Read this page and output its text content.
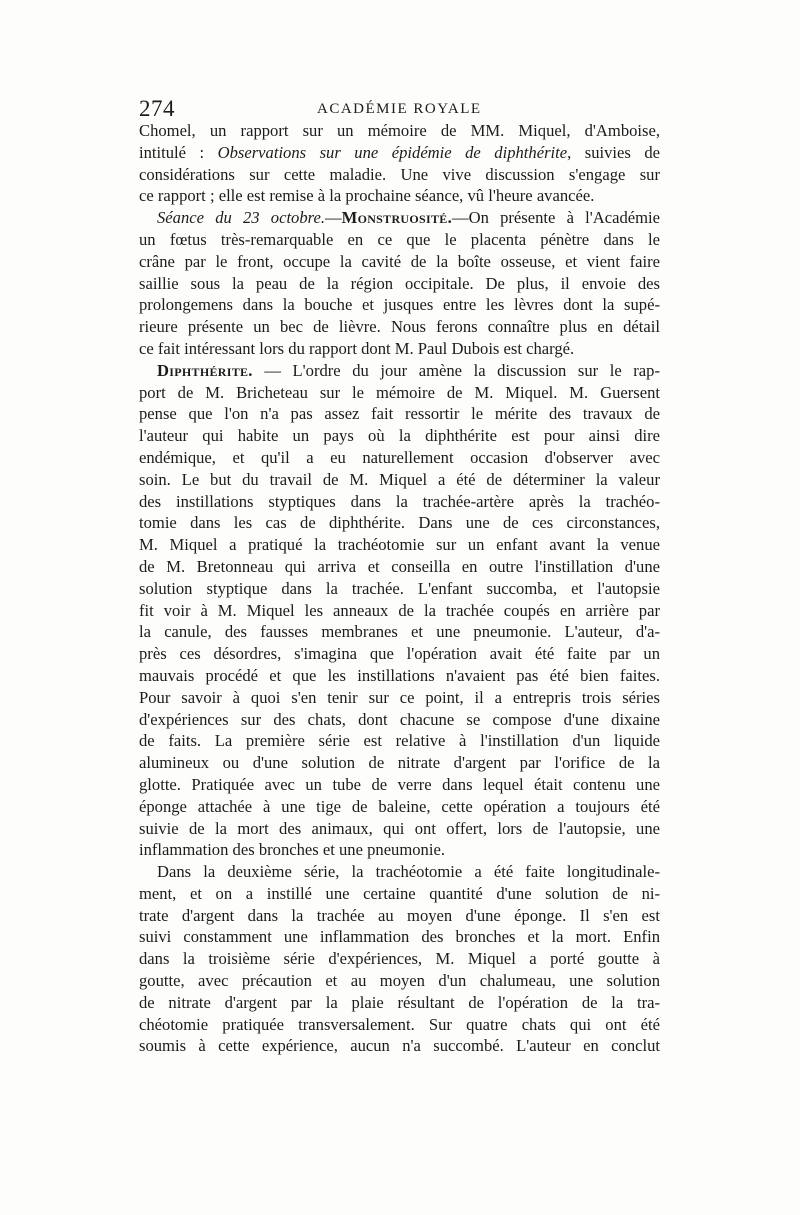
274	ACADÉMIE ROYALE
Chomel, un rapport sur un mémoire de MM. Miquel, d'Amboise,
intitulé : Observations sur une épidémie de diphthérite, suivies de
considérations sur cette maladie. Une vive discussion s'engage sur
ce rapport ; elle est remise à la prochaine séance, vû l'heure avancée.
Séance du 23 octobre.—Monstruosité.—On présente à l'Académie
un fœtus très-remarquable en ce que le placenta pénètre dans le
crâne par le front, occupe la cavité de la boîte osseuse, et vient faire
saillie sous la peau de la région occipitale. De plus, il envoie des
prolongemens dans la bouche et jusques entre les lèvres dont la supé-
rieure présente un bec de lièvre. Nous ferons connaître plus en détail
ce fait intéressant lors du rapport dont M. Paul Dubois est chargé.
Diphthérite. — L'ordre du jour amène la discussion sur le rap-
port de M. Bricheteau sur le mémoire de M. Miquel. M. Guersent
pense que l'on n'a pas assez fait ressortir le mérite des travaux de
l'auteur qui habite un pays où la diphthérite est pour ainsi dire
endémique, et qu'il a eu naturellement occasion d'observer avec
soin. Le but du travail de M. Miquel a été de déterminer la valeur
des instillations styptiques dans la trachée-artère après la trachéo-
tomie dans les cas de diphthérite. Dans une de ces circonstances,
M. Miquel a pratiqué la trachéotomie sur un enfant avant la venue
de M. Bretonneau qui arriva et conseilla en outre l'instillation d'une
solution styptique dans la trachée. L'enfant succomba, et l'autopsie
fit voir à M. Miquel les anneaux de la trachée coupés en arrière par
la canule, des fausses membranes et une pneumonie. L'auteur, d'a-
près ces désordres, s'imagina que l'opération avait été faite par un
mauvais procédé et que les instillations n'avaient pas été bien faites.
Pour savoir à quoi s'en tenir sur ce point, il a entrepris trois séries
d'expériences sur des chats, dont chacune se compose d'une dixaine
de faits. La première série est relative à l'instillation d'un liquide
alumineux ou d'une solution de nitrate d'argent par l'orifice de la
glotte. Pratiquée avec un tube de verre dans lequel était contenu une
éponge attachée à une tige de baleine, cette opération a toujours été
suivie de la mort des animaux, qui ont offert, lors de l'autopsie, une
inflammation des bronches et une pneumonie.
Dans la deuxième série, la trachéotomie a été faite longitudinale-
ment, et on a instillé une certaine quantité d'une solution de ni-
trate d'argent dans la trachée au moyen d'une éponge. Il s'en est
suivi constamment une inflammation des bronches et la mort. Enfin
dans la troisième série d'expériences, M. Miquel a porté goutte à
goutte, avec précaution et au moyen d'un chalumeau, une solution
de nitrate d'argent par la plaie résultant de l'opération de la tra-
chéotomie pratiquée transversalement. Sur quatre chats qui ont été
soumis à cette expérience, aucun n'a succombé. L'auteur en conclut
